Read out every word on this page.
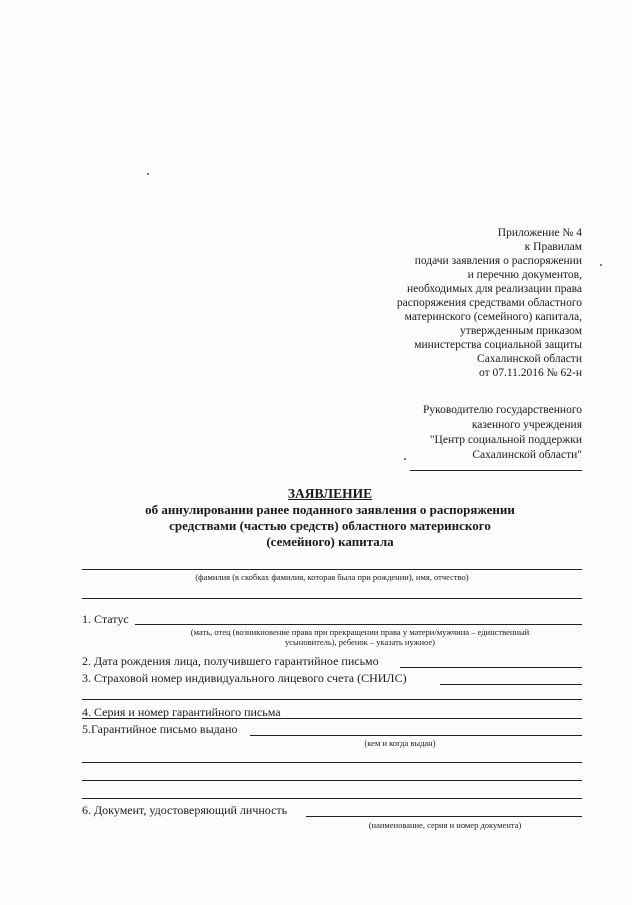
Приложение № 4
к Правилам
подачи заявления о распоряжении
и перечню документов,
необходимых для реализации права
распоряжения средствами областного
материнского (семейного) капитала,
утвержденным приказом
министерства социальной защиты
Сахалинской области
от 07.11.2016 № 62-н
Руководителю государственного
казенного учреждения
"Центр социальной поддержки
Сахалинской области"
ЗАЯВЛЕНИЕ
об аннулировании ранее поданного заявления о распоряжении
средствами (частью средств) областного материнского
(семейного) капитала
(фамилия (в скобках фамилия, которая была при рождении), имя, отчество)
1. Статус
(мать, отец (возникновение права при прекращении права у матери/мужчина – единственный
усыновитель), ребенок – указать нужное)
2. Дата рождения лица, получившего гарантийное письмо
3. Страховой номер индивидуального лицевого счета (СНИЛС)
4. Серия и номер гарантийного письма
5.Гарантийное письмо выдано
(кем и когда выдан)
6. Документ, удостоверяющий личность
(наименование, серия и номер документа)
